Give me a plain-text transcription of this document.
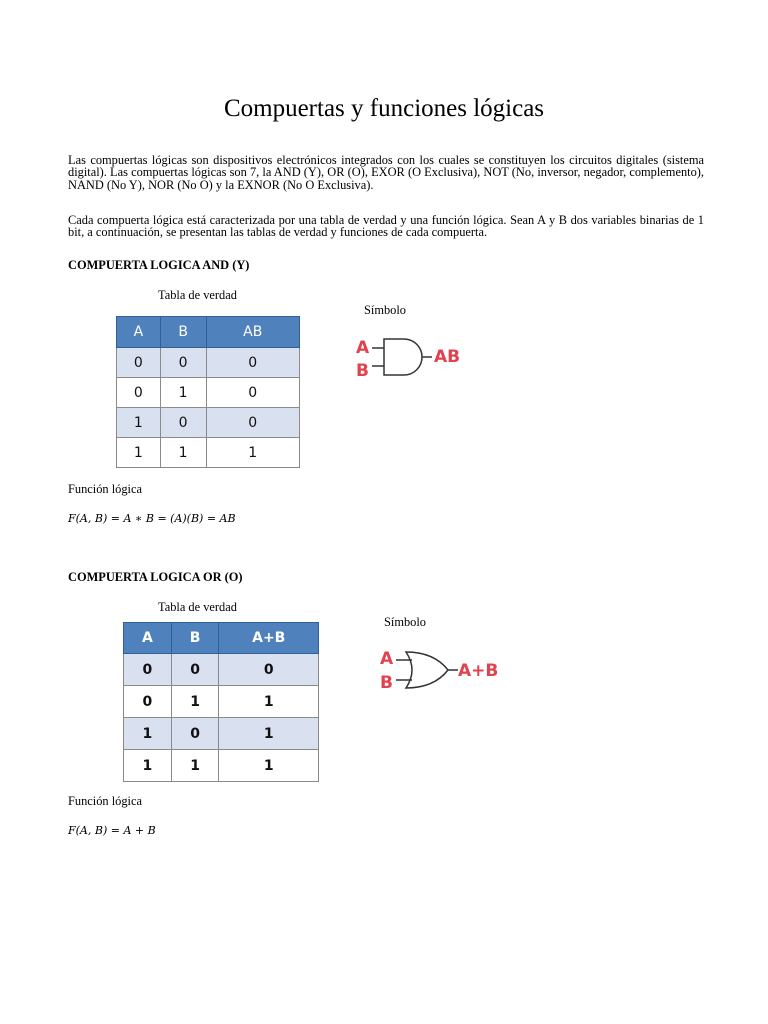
Compuertas y funciones lógicas
Las compuertas lógicas son dispositivos electrónicos integrados con los cuales se constituyen los circuitos digitales (sistema digital). Las compuertas lógicas son 7, la AND (Y), OR (O), EXOR (O Exclusiva), NOT (No, inversor, negador, complemento), NAND (No Y), NOR (No O) y la EXNOR (No O Exclusiva).
Cada compuerta lógica está caracterizada por una tabla de verdad y una función lógica. Sean A y B dos variables binarias de 1 bit, a continuación, se presentan las tablas de verdad y funciones de cada compuerta.
COMPUERTA LOGICA AND (Y)
Tabla de verdad
Símbolo
A	B	AB
0	0	0
0	1	0
1	0	0
1	1	1
A
B
AB
Función lógica
F(A, B) = A ∗ B = (A)(B) = AB
COMPUERTA LOGICA OR (O)
Tabla de verdad
Símbolo
A	B	A+B
0	0	0
0	1	1
1	0	1
1	1	1
A
B
A+B
Función lógica
F(A, B) = A + B
